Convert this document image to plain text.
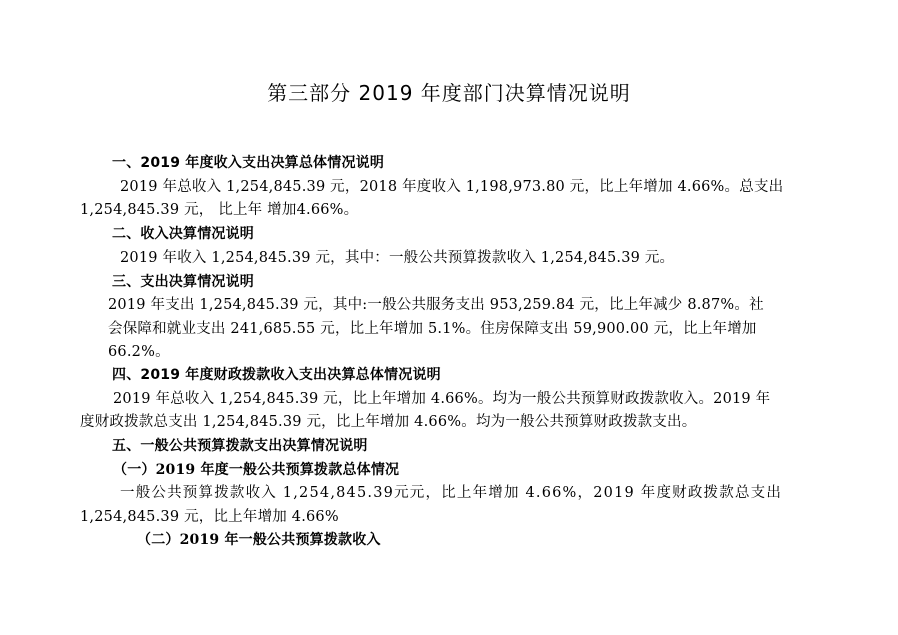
第三部分 2019 年度部门决算情况说明
一、2019 年度收入支出决算总体情况说明
2019 年总收入 1,254,845.39 元，2018 年度收入 1,198,973.80 元，比上年增加 4.66%。总支出
1,254,845.39 元， 比上年 增加4.66%。
二、收入决算情况说明
2019 年收入 1,254,845.39 元，其中：一般公共预算拨款收入 1,254,845.39 元。
三、支出决算情况说明
2019 年支出 1,254,845.39 元，其中:一般公共服务支出 953,259.84 元，比上年减少 8.87%。社
会保障和就业支出 241,685.55 元，比上年增加 5.1%。住房保障支出 59,900.00 元，比上年增加
66.2%。
四、2019 年度财政拨款收入支出决算总体情况说明
2019 年总收入 1,254,845.39 元，比上年增加 4.66%。均为一般公共预算财政拨款收入。2019 年
度财政拨款总支出 1,254,845.39 元，比上年增加 4.66%。均为一般公共预算财政拨款支出。
五、一般公共预算拨款支出决算情况说明
（一）2019 年度一般公共预算拨款总体情况
一般公共预算拨款收入 1,254,845.39元元，比上年增加 4.66%，2019 年度财政拨款总支出
1,254,845.39 元，比上年增加 4.66%
（二）2019 年一般公共预算拨款收入
